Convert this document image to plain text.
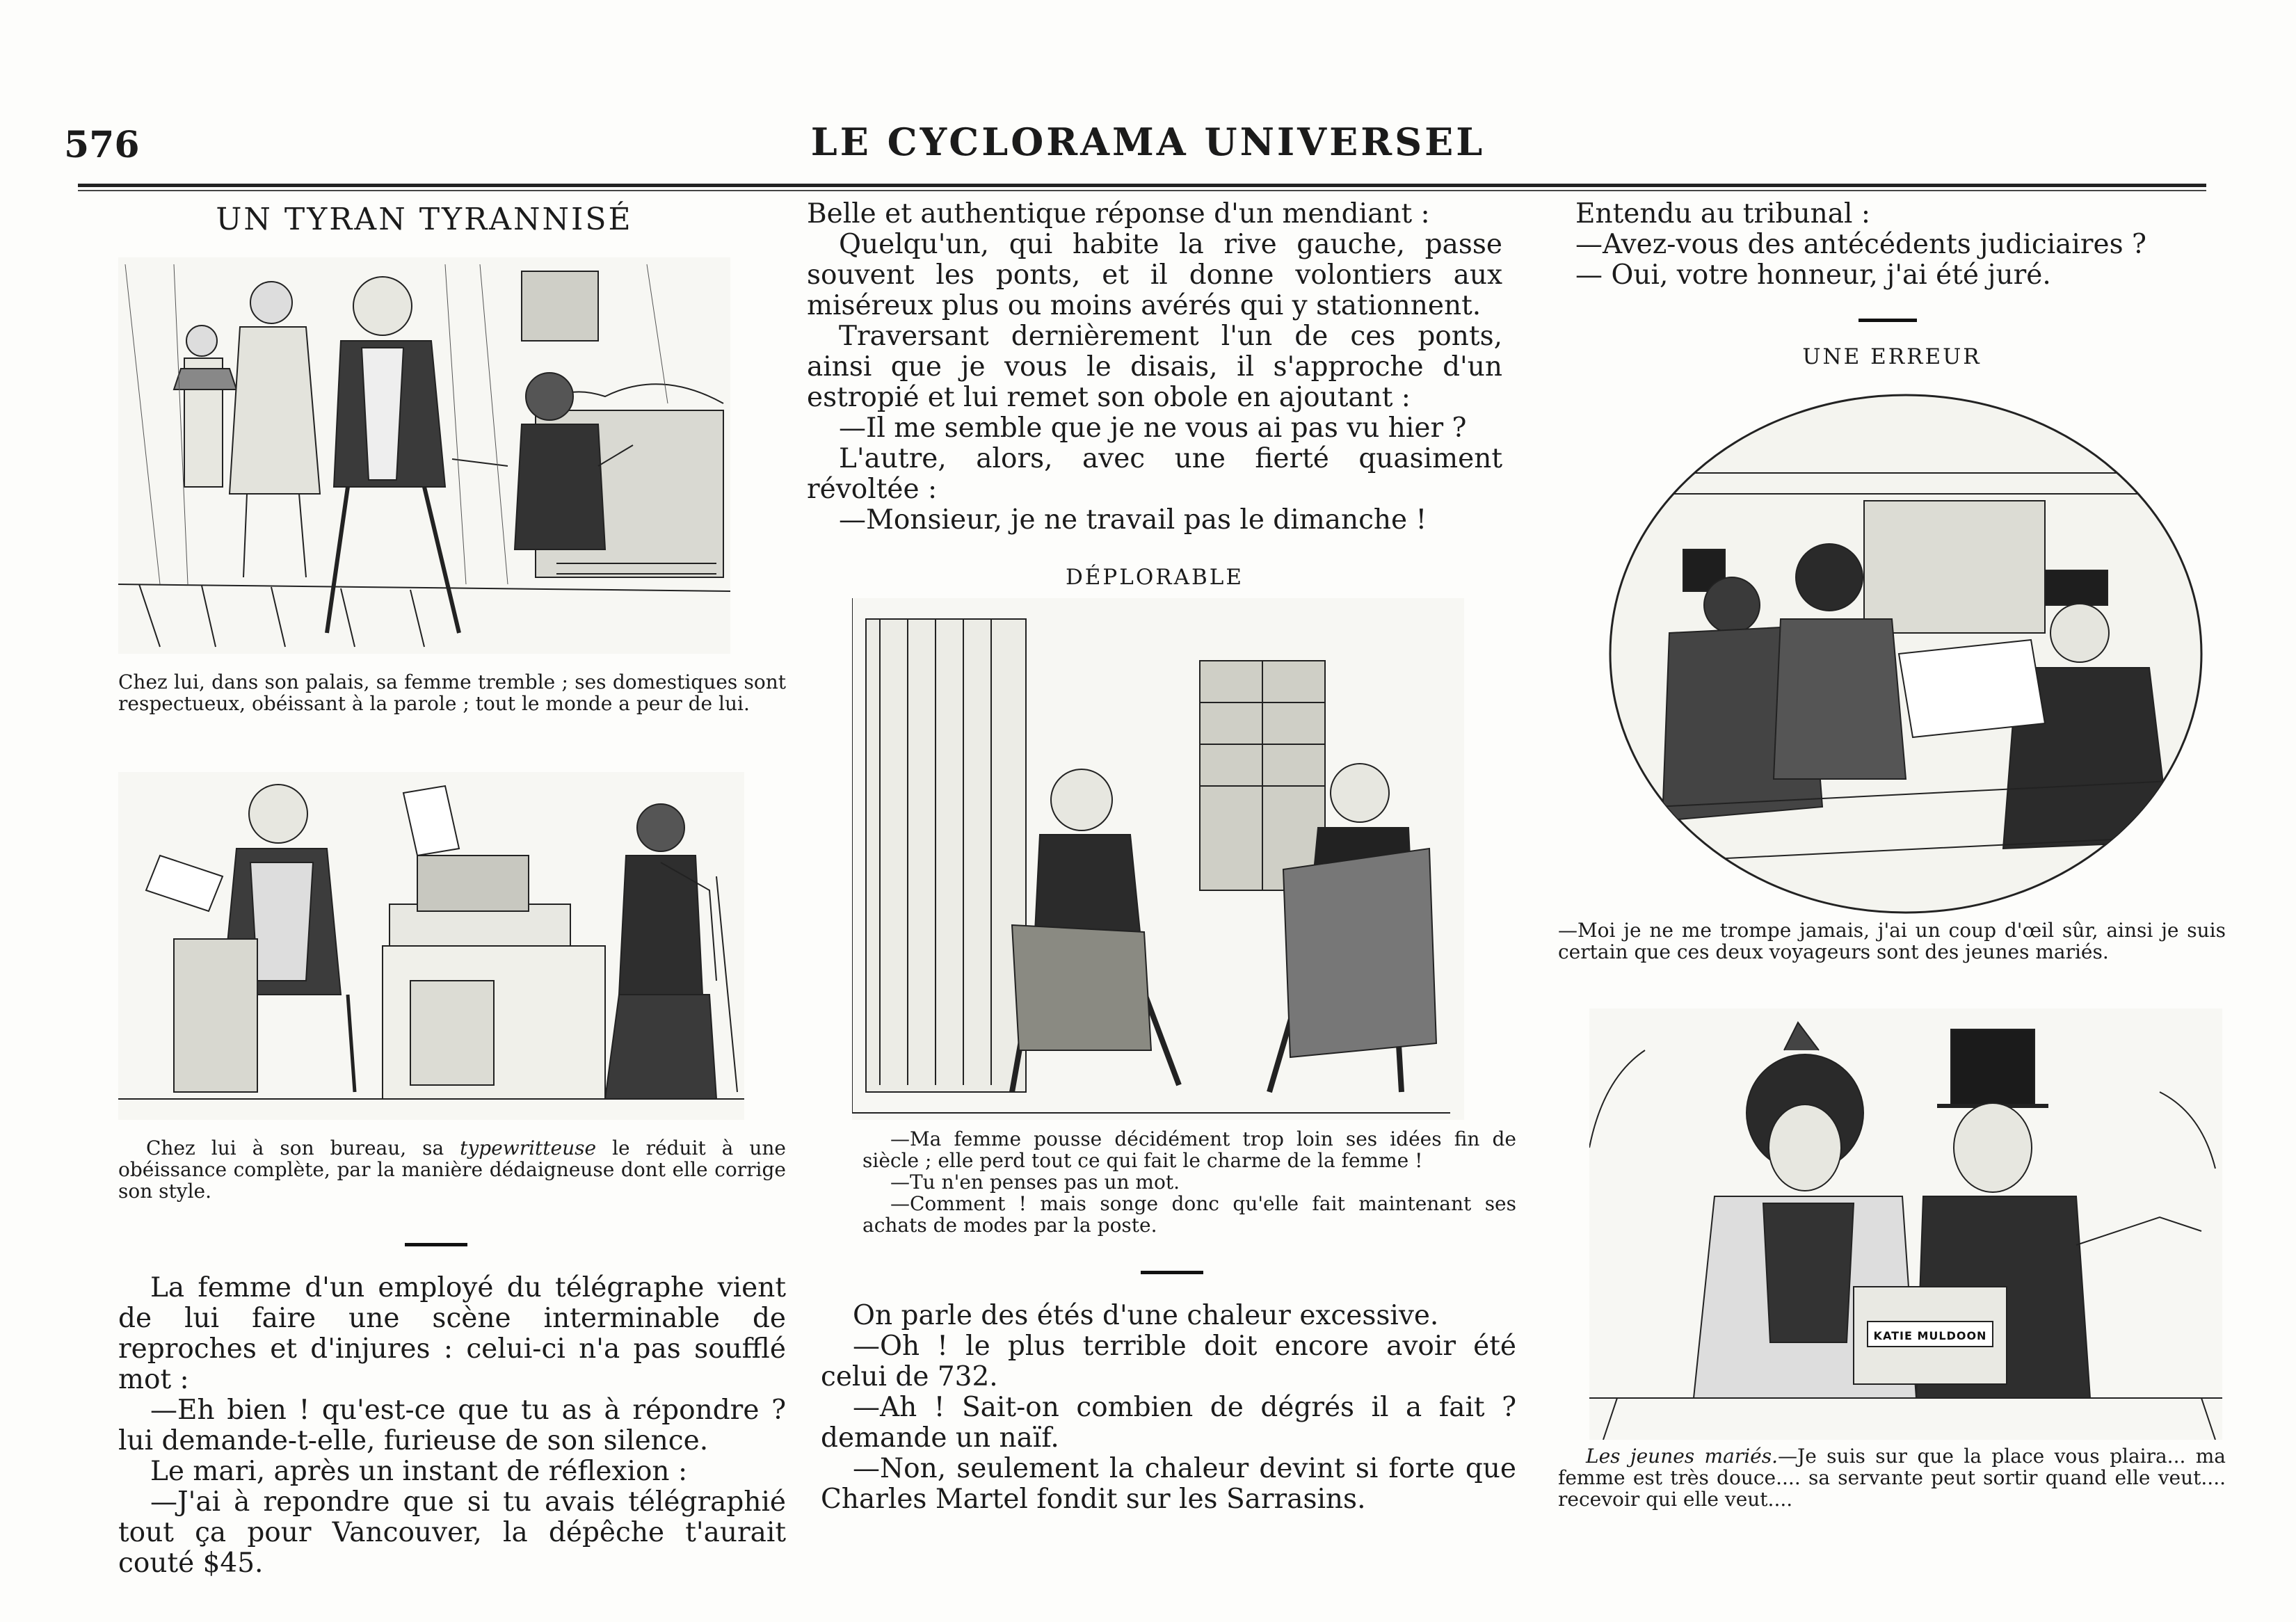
576	LE CYCLORAMA UNIVERSEL
UN TYRAN TYRANNISÉ
Chez lui, dans son palais, sa femme tremble ; ses domestiques sont respectueux, obéissant à la parole ; tout le monde a peur de lui.

Chez lui à son bureau, sa typewritteuse le réduit à une obéissance complète, par la manière dédaigneuse dont elle corrige son style.

La femme d'un employé du télégraphe vient de lui faire une scène interminable de reproches et d'injures : celui-ci n'a pas soufflé mot :

—Eh bien ! qu'est-ce que tu as à répondre ? lui demande-t-elle, furieuse de son silence.

Le mari, après un instant de réflexion :

—J'ai à repondre que si tu avais télégraphié tout ça pour Vancouver, la dépêche t'aurait couté $45.

Belle et authentique réponse d'un mendiant :

Quelqu'un, qui habite la rive gauche, passe souvent les ponts, et il donne volontiers aux miséreux plus ou moins avérés qui y stationnent.

Traversant dernièrement l'un de ces ponts, ainsi que je vous le disais, il s'approche d'un estropié et lui remet son obole en ajoutant :

—Il me semble que je ne vous ai pas vu hier ?

L'autre, alors, avec une fierté quasiment révoltée :

—Monsieur, je ne travail pas le dimanche !

DÉPLORABLE

—Ma femme pousse décidément trop loin ses idées fin de siècle ; elle perd tout ce qui fait le charme de la femme !

—Tu n'en penses pas un mot.

—Comment ! mais songe donc qu'elle fait maintenant ses achats de modes par la poste.

On parle des étés d'une chaleur excessive.

—Oh ! le plus terrible doit encore avoir été celui de 732.

—Ah ! Sait-on combien de dégrés il a fait ? demande un naïf.

—Non, seulement la chaleur devint si forte que Charles Martel fondit sur les Sarrasins.

Entendu au tribunal :

—Avez-vous des antécédents judiciaires ?

— Oui, votre honneur, j'ai été juré.

UNE ERREUR
—Moi je ne me trompe jamais, j'ai un coup d'œil sûr, ainsi je suis certain que ces deux voyageurs sont des jeunes mariés.
KATIE MULDOON

Les jeunes mariés.—Je suis sur que la place vous plaira... ma femme est très douce.... sa servante peut sortir quand elle veut.... recevoir qui elle veut....
